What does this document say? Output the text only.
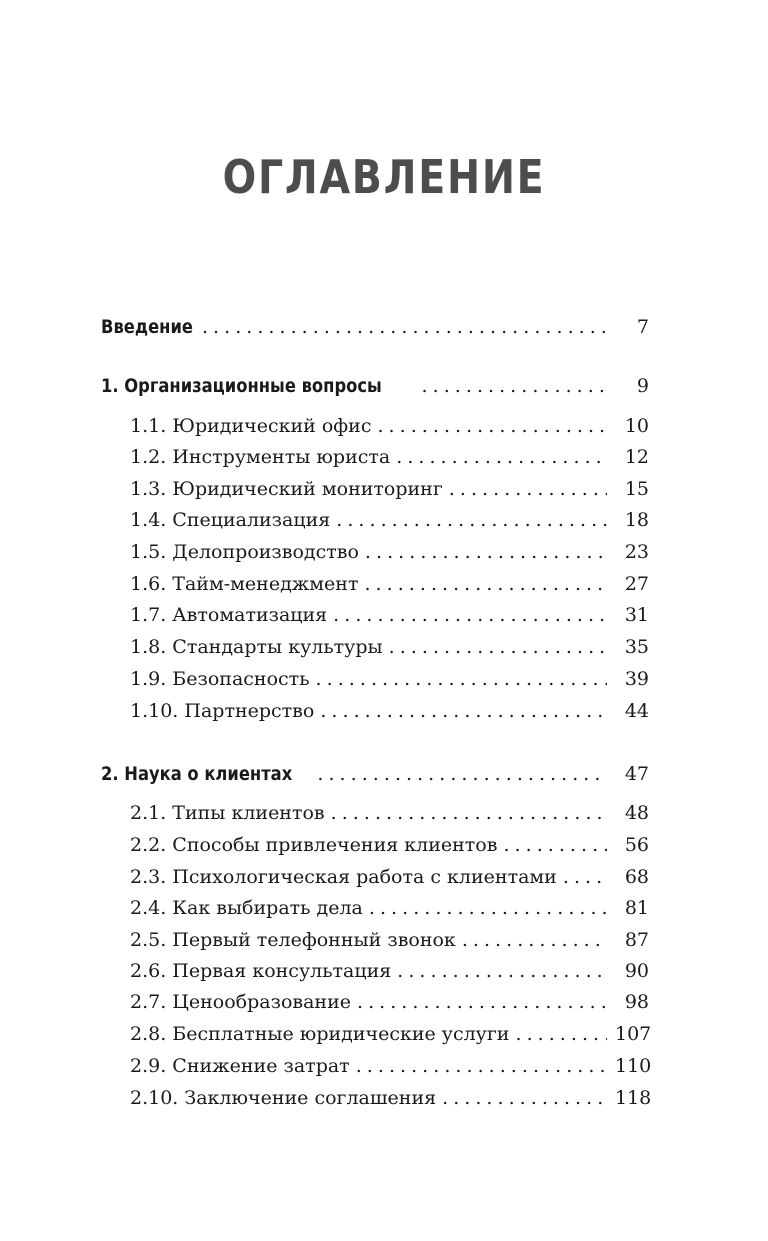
ОГЛАВЛЕНИЕ
Введение . . .	7
1. Организационные вопросы . . .	9
1.1. Юридический офис . . .	10
1.2. Инструменты юриста . . .	12
1.3. Юридический мониторинг . . .	15
1.4. Специализация . . .	18
1.5. Делопроизводство . . .	23
1.6. Тайм-менеджмент . . .	27
1.7. Автоматизация . . .	31
1.8. Стандарты культуры . . .	35
1.9. Безопасность . . .	39
1.10. Партнерство . . .	44
2. Наука о клиентах . . .	47
2.1. Типы клиентов . . .	48
2.2. Способы привлечения клиентов . . .	56
2.3. Психологическая работа с клиентами . . .	68
2.4. Как выбирать дела . . .	81
2.5. Первый телефонный звонок . . .	87
2.6. Первая консультация . . .	90
2.7. Ценообразование . . .	98
2.8. Бесплатные юридические услуги . . .	107
2.9. Снижение затрат . . .	110
2.10. Заключение соглашения . . .	118
